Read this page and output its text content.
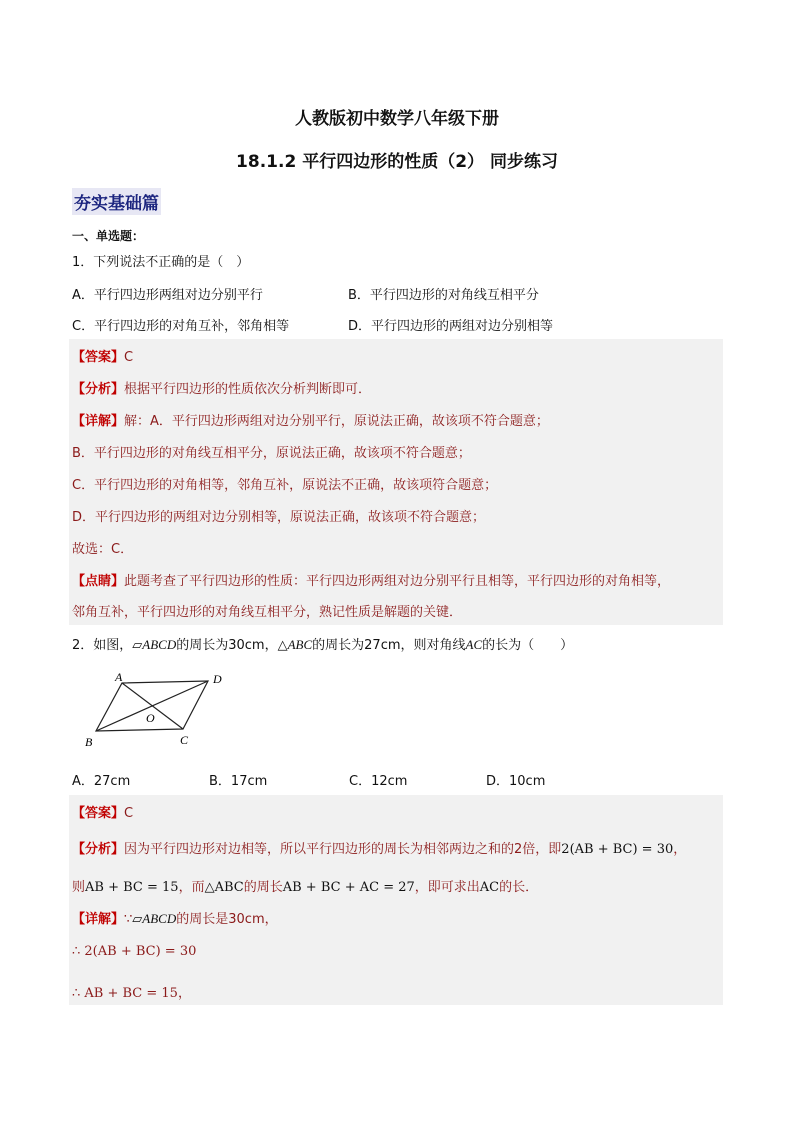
人教版初中数学八年级下册
18.1.2 平行四边形的性质（2） 同步练习
夯实基础篇
一、单选题：
1．下列说法不正确的是（　）
A．平行四边形两组对边分别平行	B．平行四边形的对角线互相平分
C．平行四边形的对角互补，邻角相等	D．平行四边形的两组对边分别相等
【答案】C
【分析】根据平行四边形的性质依次分析判断即可．
【详解】解：A．平行四边形两组对边分别平行，原说法正确，故该项不符合题意；
B．平行四边形的对角线互相平分，原说法正确，故该项不符合题意；
C．平行四边形的对角相等，邻角互补，原说法不正确，故该项符合题意；
D．平行四边形的两组对边分别相等，原说法正确，故该项不符合题意；
故选：C．
【点睛】此题考查了平行四边形的性质：平行四边形两组对边分别平行且相等，平行四边形的对角相等，
邻角互补，平行四边形的对角线互相平分，熟记性质是解题的关键．
2．如图，▱ABCD的周长为30cm，△ABC的周长为27cm，则对角线AC的长为（　　）
A	D
B	C
O
A．27cm	B．17cm	C．12cm	D．10cm
【答案】C
【分析】因为平行四边形对边相等，所以平行四边形的周长为相邻两边之和的2倍，即2(AB + BC) = 30，
则AB + BC = 15，而△ABC的周长AB + BC + AC = 27，即可求出AC的长．
【详解】∵▱ABCD的周长是30cm，
∴ 2(AB + BC) = 30
∴ AB + BC = 15，
